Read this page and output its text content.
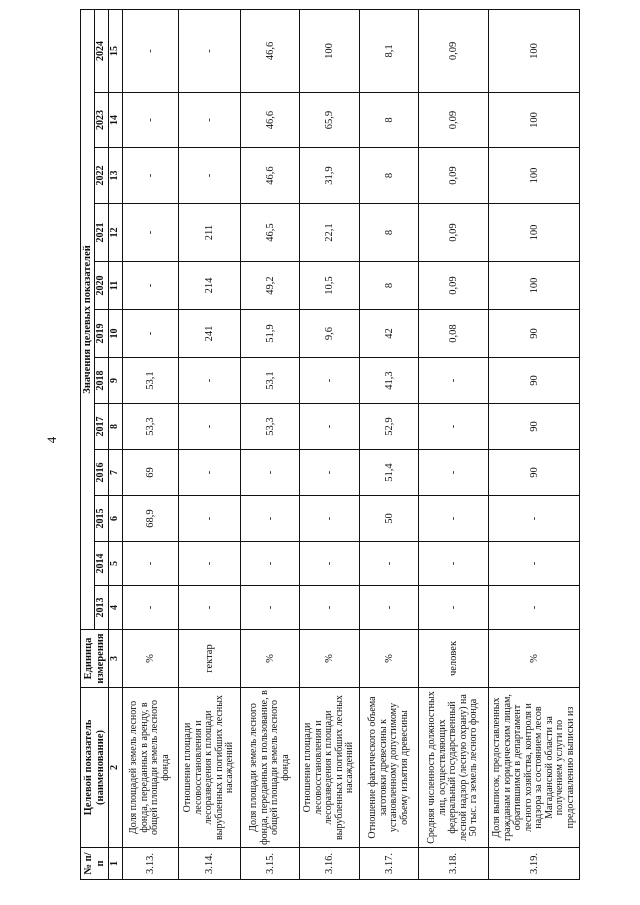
4
№ п/п	Целевой показатель (наименование)	Единица измерения	Значения целевых показателей											
			2013	2014	2015	2016	2017	2018	2019	2020	2021	2022	2023	2024
1	2	3	4	5	6	7	8	9	10	11	12	13	14	15
3.13.	Доля площадей земель лесного фонда, переданных в аренду, в общей площади земель лесного фонда	%	-	-	68,9	69	53,3	53,1	-	-	-	-	-	-
3.14.	Отношение площади лесовосстановления и лесоразведения к площади вырубленных и погибших лесных насаждений	гектар	-	-	-	-	-	-	241	214	211	-	-	-
3.15.	Доля площади земель лесного фонда, переданных в пользование, в общей площади земель лесного фонда	%	-	-	-	-	53,3	53,1	51,9	49,2	46,5	46,6	46,6	46,6
3.16.	Отношение площади лесовосстановления и лесоразведения к площади вырубленных и погибших лесных насаждений	%	-	-	-	-	-	-	9,6	10,5	22,1	31,9	65,9	100
3.17.	Отношение фактического объема заготовки древесины к установленному допустимому объему изъятия древесины	%	-	-	50	51,4	52,9	41,3	42	8	8	8	8	8,1
3.18.	Средняя численность должностных лиц, осуществляющих федеральный государственный лесной надзор (лесную охрану) на 50 тыс. га земель лесного фонда	человек	-	-	-	-	-	-	0,08	0,09	0,09	0,09	0,09	0,09
3.19.	Доля выписок, предоставленных гражданам и юридическим лицам, обратившимся в департамент лесного хозяйства, контроля и надзора за состоянием лесов Магаданской области за получением услуги по предоставлению выписки из	%	-	-	-	90	90	90	90	100	100	100	100	100
